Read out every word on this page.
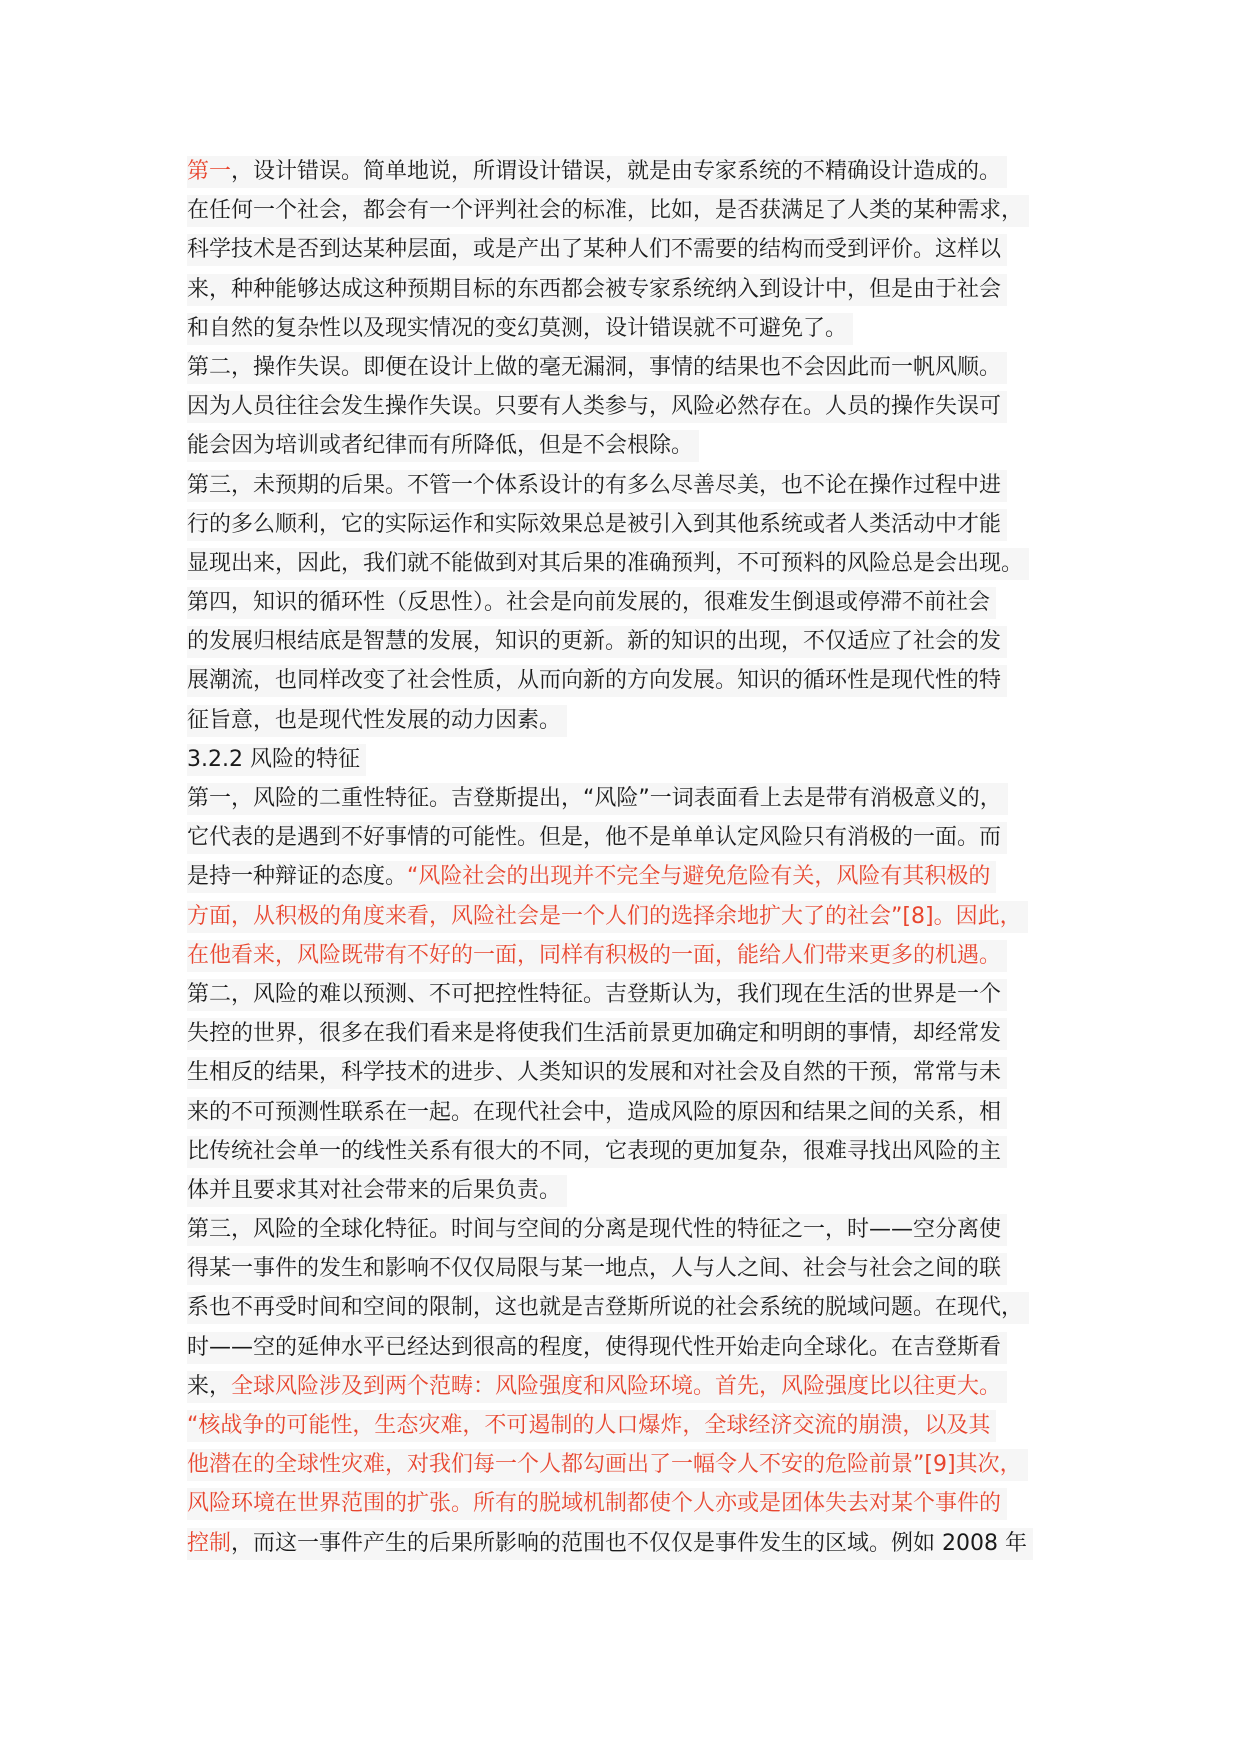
第一，设计错误。简单地说，所谓设计错误，就是由专家系统的不精确设计造成的。
在任何一个社会，都会有一个评判社会的标准，比如，是否获满足了人类的某种需求，
科学技术是否到达某种层面，或是产出了某种人们不需要的结构而受到评价。这样以
来，种种能够达成这种预期目标的东西都会被专家系统纳入到设计中，但是由于社会
和自然的复杂性以及现实情况的变幻莫测，设计错误就不可避免了。
第二，操作失误。即便在设计上做的毫无漏洞，事情的结果也不会因此而一帆风顺。
因为人员往往会发生操作失误。只要有人类参与，风险必然存在。人员的操作失误可
能会因为培训或者纪律而有所降低，但是不会根除。
第三，未预期的后果。不管一个体系设计的有多么尽善尽美，也不论在操作过程中进
行的多么顺利，它的实际运作和实际效果总是被引入到其他系统或者人类活动中才能
显现出来，因此，我们就不能做到对其后果的准确预判，不可预料的风险总是会出现。
第四，知识的循环性（反思性）。社会是向前发展的，很难发生倒退或停滞不前社会
的发展归根结底是智慧的发展，知识的更新。新的知识的出现，不仅适应了社会的发
展潮流，也同样改变了社会性质，从而向新的方向发展。知识的循环性是现代性的特
征旨意，也是现代性发展的动力因素。
3.2.2 风险的特征
第一，风险的二重性特征。吉登斯提出，“风险”一词表面看上去是带有消极意义的，
它代表的是遇到不好事情的可能性。但是，他不是单单认定风险只有消极的一面。而
是持一种辩证的态度。“风险社会的出现并不完全与避免危险有关，风险有其积极的
方面，从积极的角度来看，风险社会是一个人们的选择余地扩大了的社会”[8]。因此，
在他看来，风险既带有不好的一面，同样有积极的一面，能给人们带来更多的机遇。
第二，风险的难以预测、不可把控性特征。吉登斯认为，我们现在生活的世界是一个
失控的世界，很多在我们看来是将使我们生活前景更加确定和明朗的事情，却经常发
生相反的结果，科学技术的进步、人类知识的发展和对社会及自然的干预，常常与未
来的不可预测性联系在一起。在现代社会中，造成风险的原因和结果之间的关系，相
比传统社会单一的线性关系有很大的不同，它表现的更加复杂，很难寻找出风险的主
体并且要求其对社会带来的后果负责。
第三，风险的全球化特征。时间与空间的分离是现代性的特征之一，时——空分离使
得某一事件的发生和影响不仅仅局限与某一地点，人与人之间、社会与社会之间的联
系也不再受时间和空间的限制，这也就是吉登斯所说的社会系统的脱域问题。在现代，
时——空的延伸水平已经达到很高的程度，使得现代性开始走向全球化。在吉登斯看
来，全球风险涉及到两个范畴：风险强度和风险环境。首先，风险强度比以往更大。
“核战争的可能性，生态灾难，不可遏制的人口爆炸，全球经济交流的崩溃，以及其
他潜在的全球性灾难，对我们每一个人都勾画出了一幅令人不安的危险前景”[9]其次，
风险环境在世界范围的扩张。所有的脱域机制都使个人亦或是团体失去对某个事件的
控制，而这一事件产生的后果所影响的范围也不仅仅是事件发生的区域。例如 2008 年
